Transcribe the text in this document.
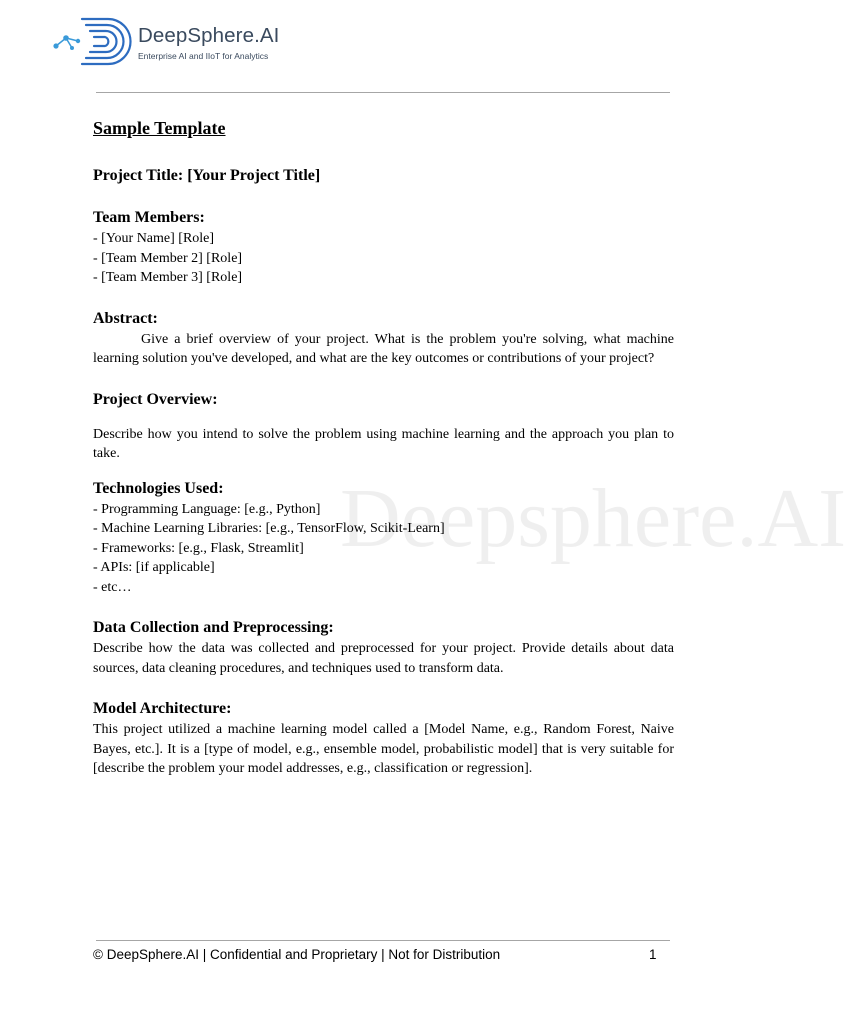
DeepSphere.AI
Enterprise AI and IIoT for Analytics
Deepsphere.AI
Sample Template
Project Title: [Your Project Title]
Team Members:
- [Your Name] [Role]
- [Team Member 2] [Role]
- [Team Member 3] [Role]
Abstract:

Give a brief overview of your project. What is the problem you're solving, what machine learning solution you've developed, and what are the key outcomes or contributions of your project?

Project Overview:

Describe how you intend to solve the problem using machine learning and the approach you plan to take.

Technologies Used:
- Programming Language: [e.g., Python]
- Machine Learning Libraries: [e.g., TensorFlow, Scikit-Learn]
- Frameworks: [e.g., Flask, Streamlit]
- APIs: [if applicable]
- etc…
Data Collection and Preprocessing:

Describe how the data was collected and preprocessed for your project. Provide details about data sources, data cleaning procedures, and techniques used to transform data.

Model Architecture:

This project utilized a machine learning model called a [Model Name, e.g., Random Forest, Naive Bayes, etc.]. It is a [type of model, e.g., ensemble model, probabilistic model] that is very suitable for [describe the problem your model addresses, e.g., classification or regression].

© DeepSphere.AI | Confidential and Proprietary | Not for Distribution	1
